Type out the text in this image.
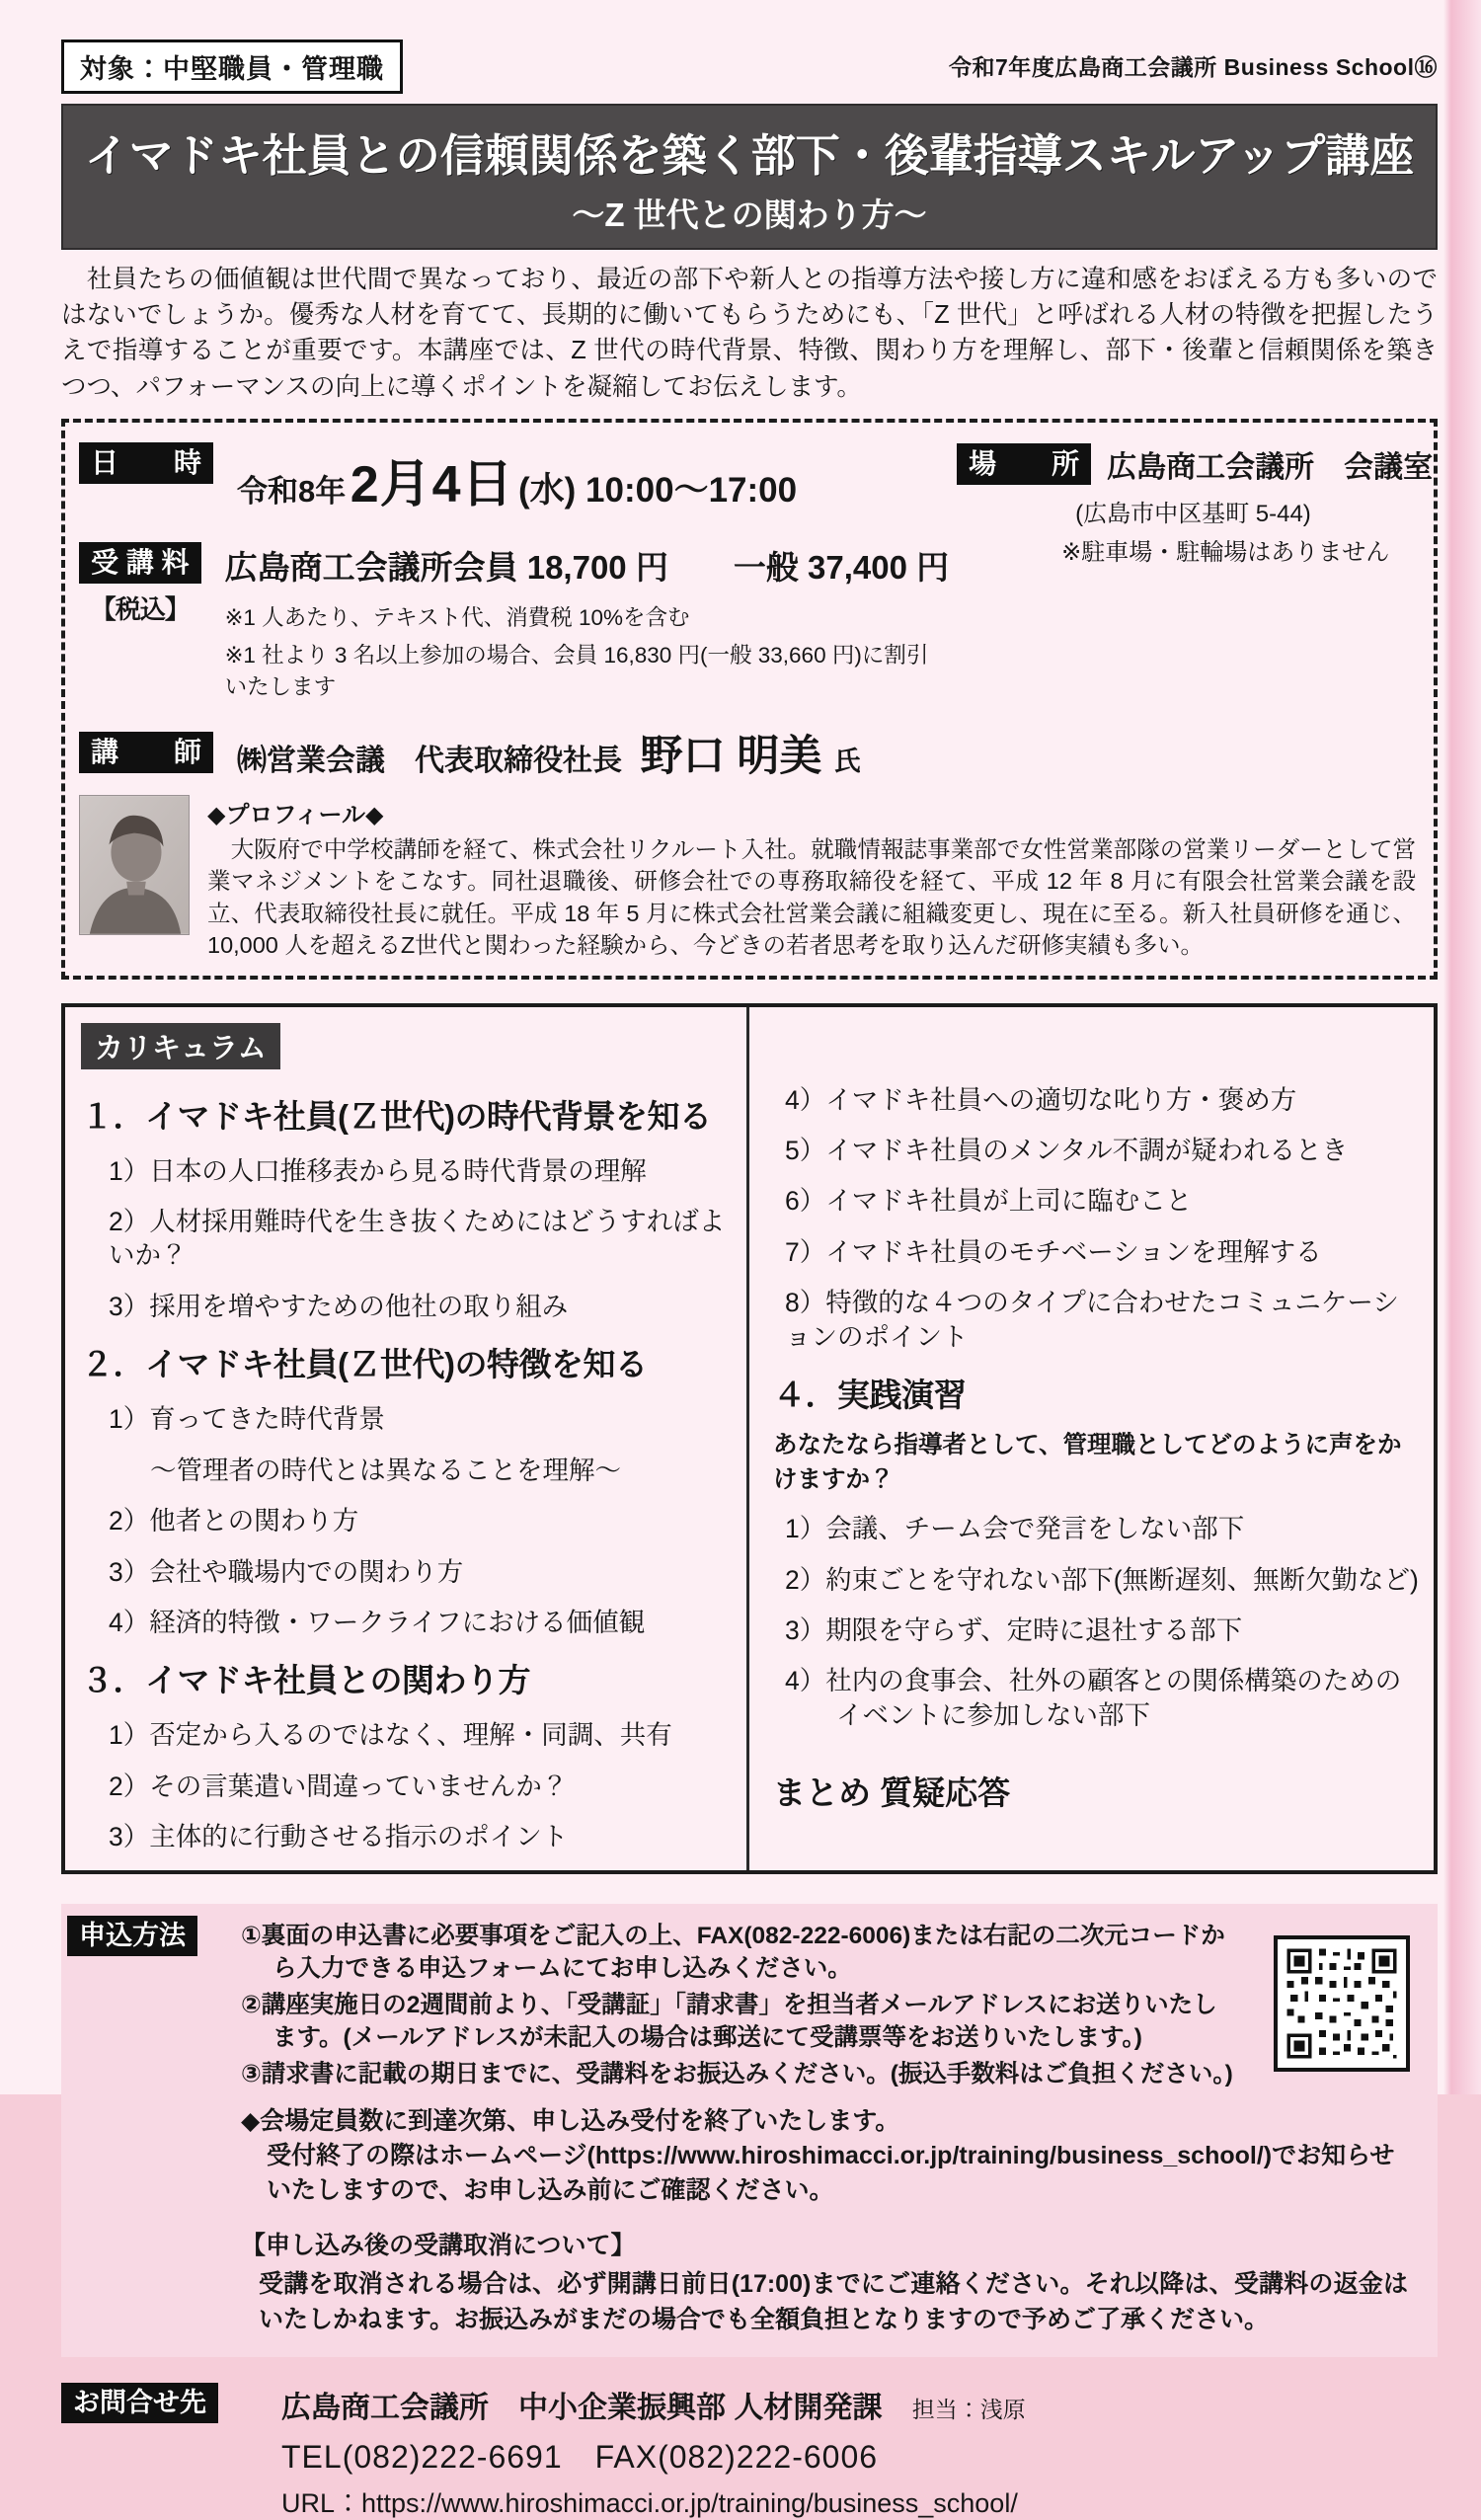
対象：中堅職員・管理職	令和7年度広島商工会議所 Business School⑯
イマドキ社員との信頼関係を築く部下・後輩指導スキルアップ講座
〜Z 世代との関わり方〜

　社員たちの価値観は世代間で異なっており、最近の部下や新人との指導方法や接し方に違和感をおぼえる方も多いのではないでしょうか。優秀な人材を育てて、長期的に働いてもらうためにも、「Z 世代」と呼ばれる人材の特徴を把握したうえで指導することが重要です。本講座では、Z 世代の時代背景、特徴、関わり方を理解し、部下・後輩と信頼関係を築きつつ、パフォーマンスの向上に導くポイントを凝縮してお伝えします。

日　　時
令和8年 2月4日 (水) 10:00～17:00
受 講 料
【税込】
広島商工会議所会員 18,700 円　　一般 37,400 円
※1 人あたり、テキスト代、消費税 10%を含む
※1 社より 3 名以上参加の場合、会員 16,830 円(一般 33,660 円)に割引いたします
場　　所 広島商工会議所　会議室
(広島市中区基町 5-44)
※駐車場・駐輪場はありません
講　　師	㈱営業会議　代表取締役社長 野口 明美 氏
◆プロフィール◆

　大阪府で中学校講師を経て、株式会社リクルート入社。就職情報誌事業部で女性営業部隊の営業リーダーとして営業マネジメントをこなす。同社退職後、研修会社での専務取締役を経て、平成 12 年 8 月に有限会社営業会議を設立、代表取締役社長に就任。平成 18 年 5 月に株式会社営業会議に組織変更し、現在に至る。新入社員研修を通じ、10,000 人を超えるZ世代と関わった経験から、今どきの若者思考を取り込んだ研修実績も多い。

カリキュラム
１．イマドキ社員(Ｚ世代)の時代背景を知る
1）日本の人口推移表から見る時代背景の理解
2）人材採用難時代を生き抜くためにはどうすればよいか？
3）採用を増やすための他社の取り組み
２．イマドキ社員(Ｚ世代)の特徴を知る
1）育ってきた時代背景
〜管理者の時代とは異なることを理解〜
2）他者との関わり方
3）会社や職場内での関わり方
4）経済的特徴・ワークライフにおける価値観
３．イマドキ社員との関わり方
1）否定から入るのではなく、理解・同調、共有
2）その言葉遣い間違っていませんか？
3）主体的に行動させる指示のポイント
4）イマドキ社員への適切な叱り方・褒め方
5）イマドキ社員のメンタル不調が疑われるとき
6）イマドキ社員が上司に臨むこと
7）イマドキ社員のモチベーションを理解する
8）特徴的な４つのタイプに合わせたコミュニケーションのポイント
４．実践演習
あなたなら指導者として、管理職としてどのように声をかけますか？
1）会議、チーム会で発言をしない部下
2）約束ごとを守れない部下(無断遅刻、無断欠勤など)
3）期限を守らず、定時に退社する部下
4）社内の食事会、社外の顧客との関係構築のためのイベントに参加しない部下
まとめ 質疑応答
申込方法	①裏面の申込書に必要事項をご記入の上、FAX(082-222-6006)または右記の二次元コードから入力できる申込フォームにてお申し込みください。

②講座実施日の2週間前より、「受講証」「請求書」を担当者メールアドレスにお送りいたします。(メールアドレスが未記入の場合は郵送にて受講票等をお送りいたします。)

③請求書に記載の期日までに、受講料をお振込みください。(振込手数料はご負担ください。)

◆会場定員数に到達次第、申し込み受付を終了いたします。
受付終了の際はホームページ(https://www.hiroshimacci.or.jp/training/business_school/)でお知らせいたしますので、お申し込み前にご確認ください。
【申し込み後の受講取消について】

受講を取消される場合は、必ず開講日前日(17:00)までにご連絡ください。それ以降は、受講料の返金はいたしかねます。お振込みがまだの場合でも全額負担となりますので予めご了承ください。

お問合せ先	広島商工会議所　中小企業振興部 人材開発課 担当：浅原
TEL(082)222-6691　FAX(082)222-6006
URL：https://www.hiroshimacci.or.jp/training/business_school/
